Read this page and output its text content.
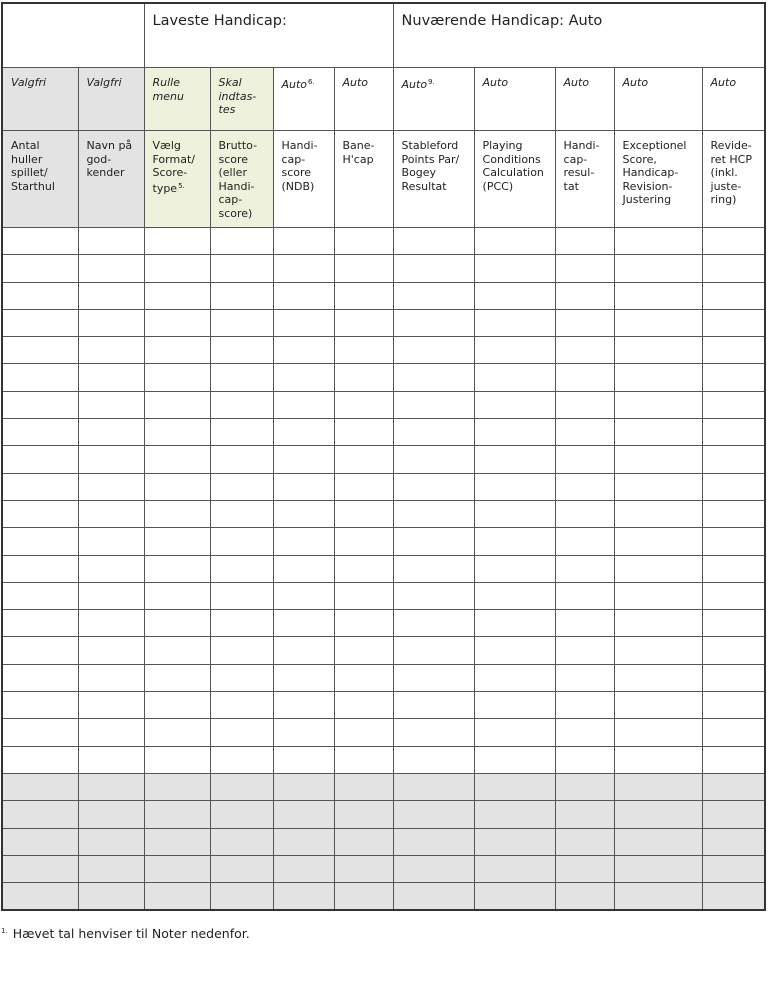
		Laveste Handicap:				Nuværende Handicap: Auto				

Valgfri	Valgfri	Rulle menu	Skal indtas-tes	Auto$^{6.}$	Auto	Auto$^{9.}$	Auto	Auto	Auto	Auto

Antal huller spillet/ Starthul	Navn på god-kender	Vælg Format/ Score-type$^{5.}$	Brutto-score (eller Handi-cap-score)	Handi-cap-score (NDB)	Bane-H'cap	Stableford Points Par/ Bogey Resultat	Playing Conditions Calculation (PCC)	Handi-cap-resul-tat	Exceptionel Score, Handicap-Revision-Justering	Revide-ret HCP (inkl. juste-ring)

$^{1.}$ Hævet tal henviser til Noter nedenfor.
